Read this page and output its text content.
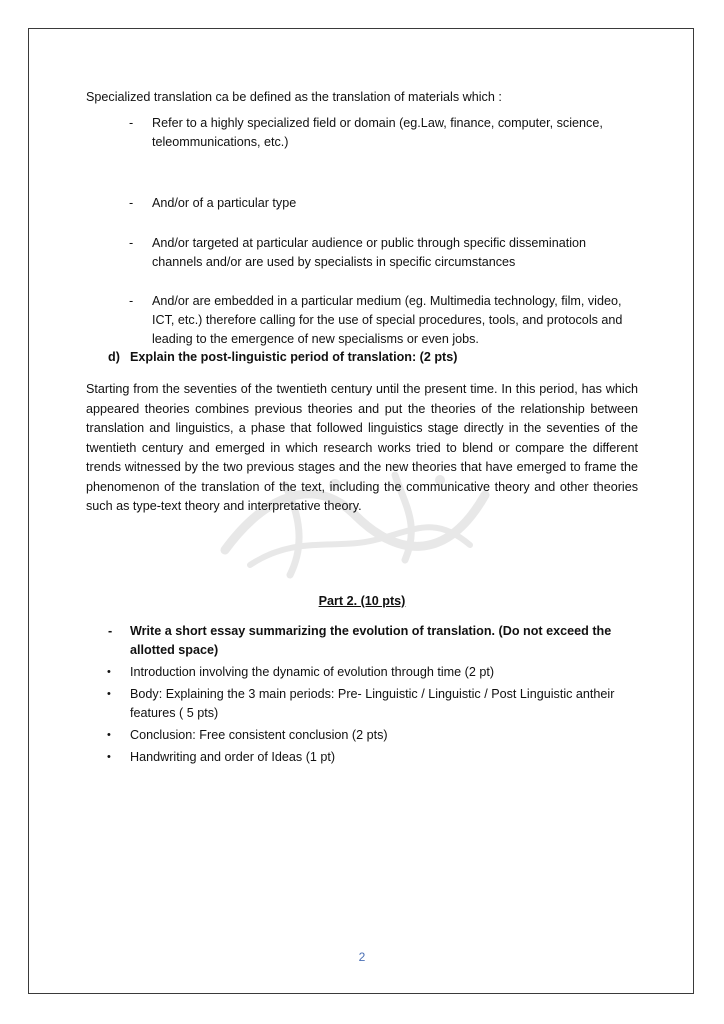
Specialized translation ca be defined as the translation of materials which :

- Refer to a highly specialized field or domain (eg.Law, finance, computer, science, teleommunications, etc.)
- And/or of a particular type
- And/or targeted at particular audience or public through specific dissemination channels and/or are used by specialists in specific circumstances
- And/or are embedded in a particular medium (eg. Multimedia technology, film, video, ICT, etc.) therefore calling for the use of special procedures, tools, and protocols and leading to the emergence of new specialisms or even jobs.
d) Explain the post-linguistic period of translation: (2 pts)

Starting from the seventies of the twentieth century until the present time. In this period, has which appeared theories combines previous theories and put the theories of the relationship between translation and linguistics, a phase that followed linguistics stage directly in the seventies of the twentieth century and emerged in which research works tried to blend or compare the different trends witnessed by the two previous stages and the new theories that have emerged to frame the phenomenon of the translation of the text, including the communicative theory and other theories such as type-text theory and interpretative theory.

Part 2. (10 pts)
- Write a short essay summarizing the evolution of translation. (Do not exceed the allotted space)
• Introduction involving the dynamic of evolution through time (2 pt)
• Body: Explaining the 3 main periods: Pre- Linguistic / Linguistic / Post Linguistic antheir features ( 5 pts)
• Conclusion: Free consistent conclusion (2 pts)
• Handwriting and order of Ideas (1 pt)
2
